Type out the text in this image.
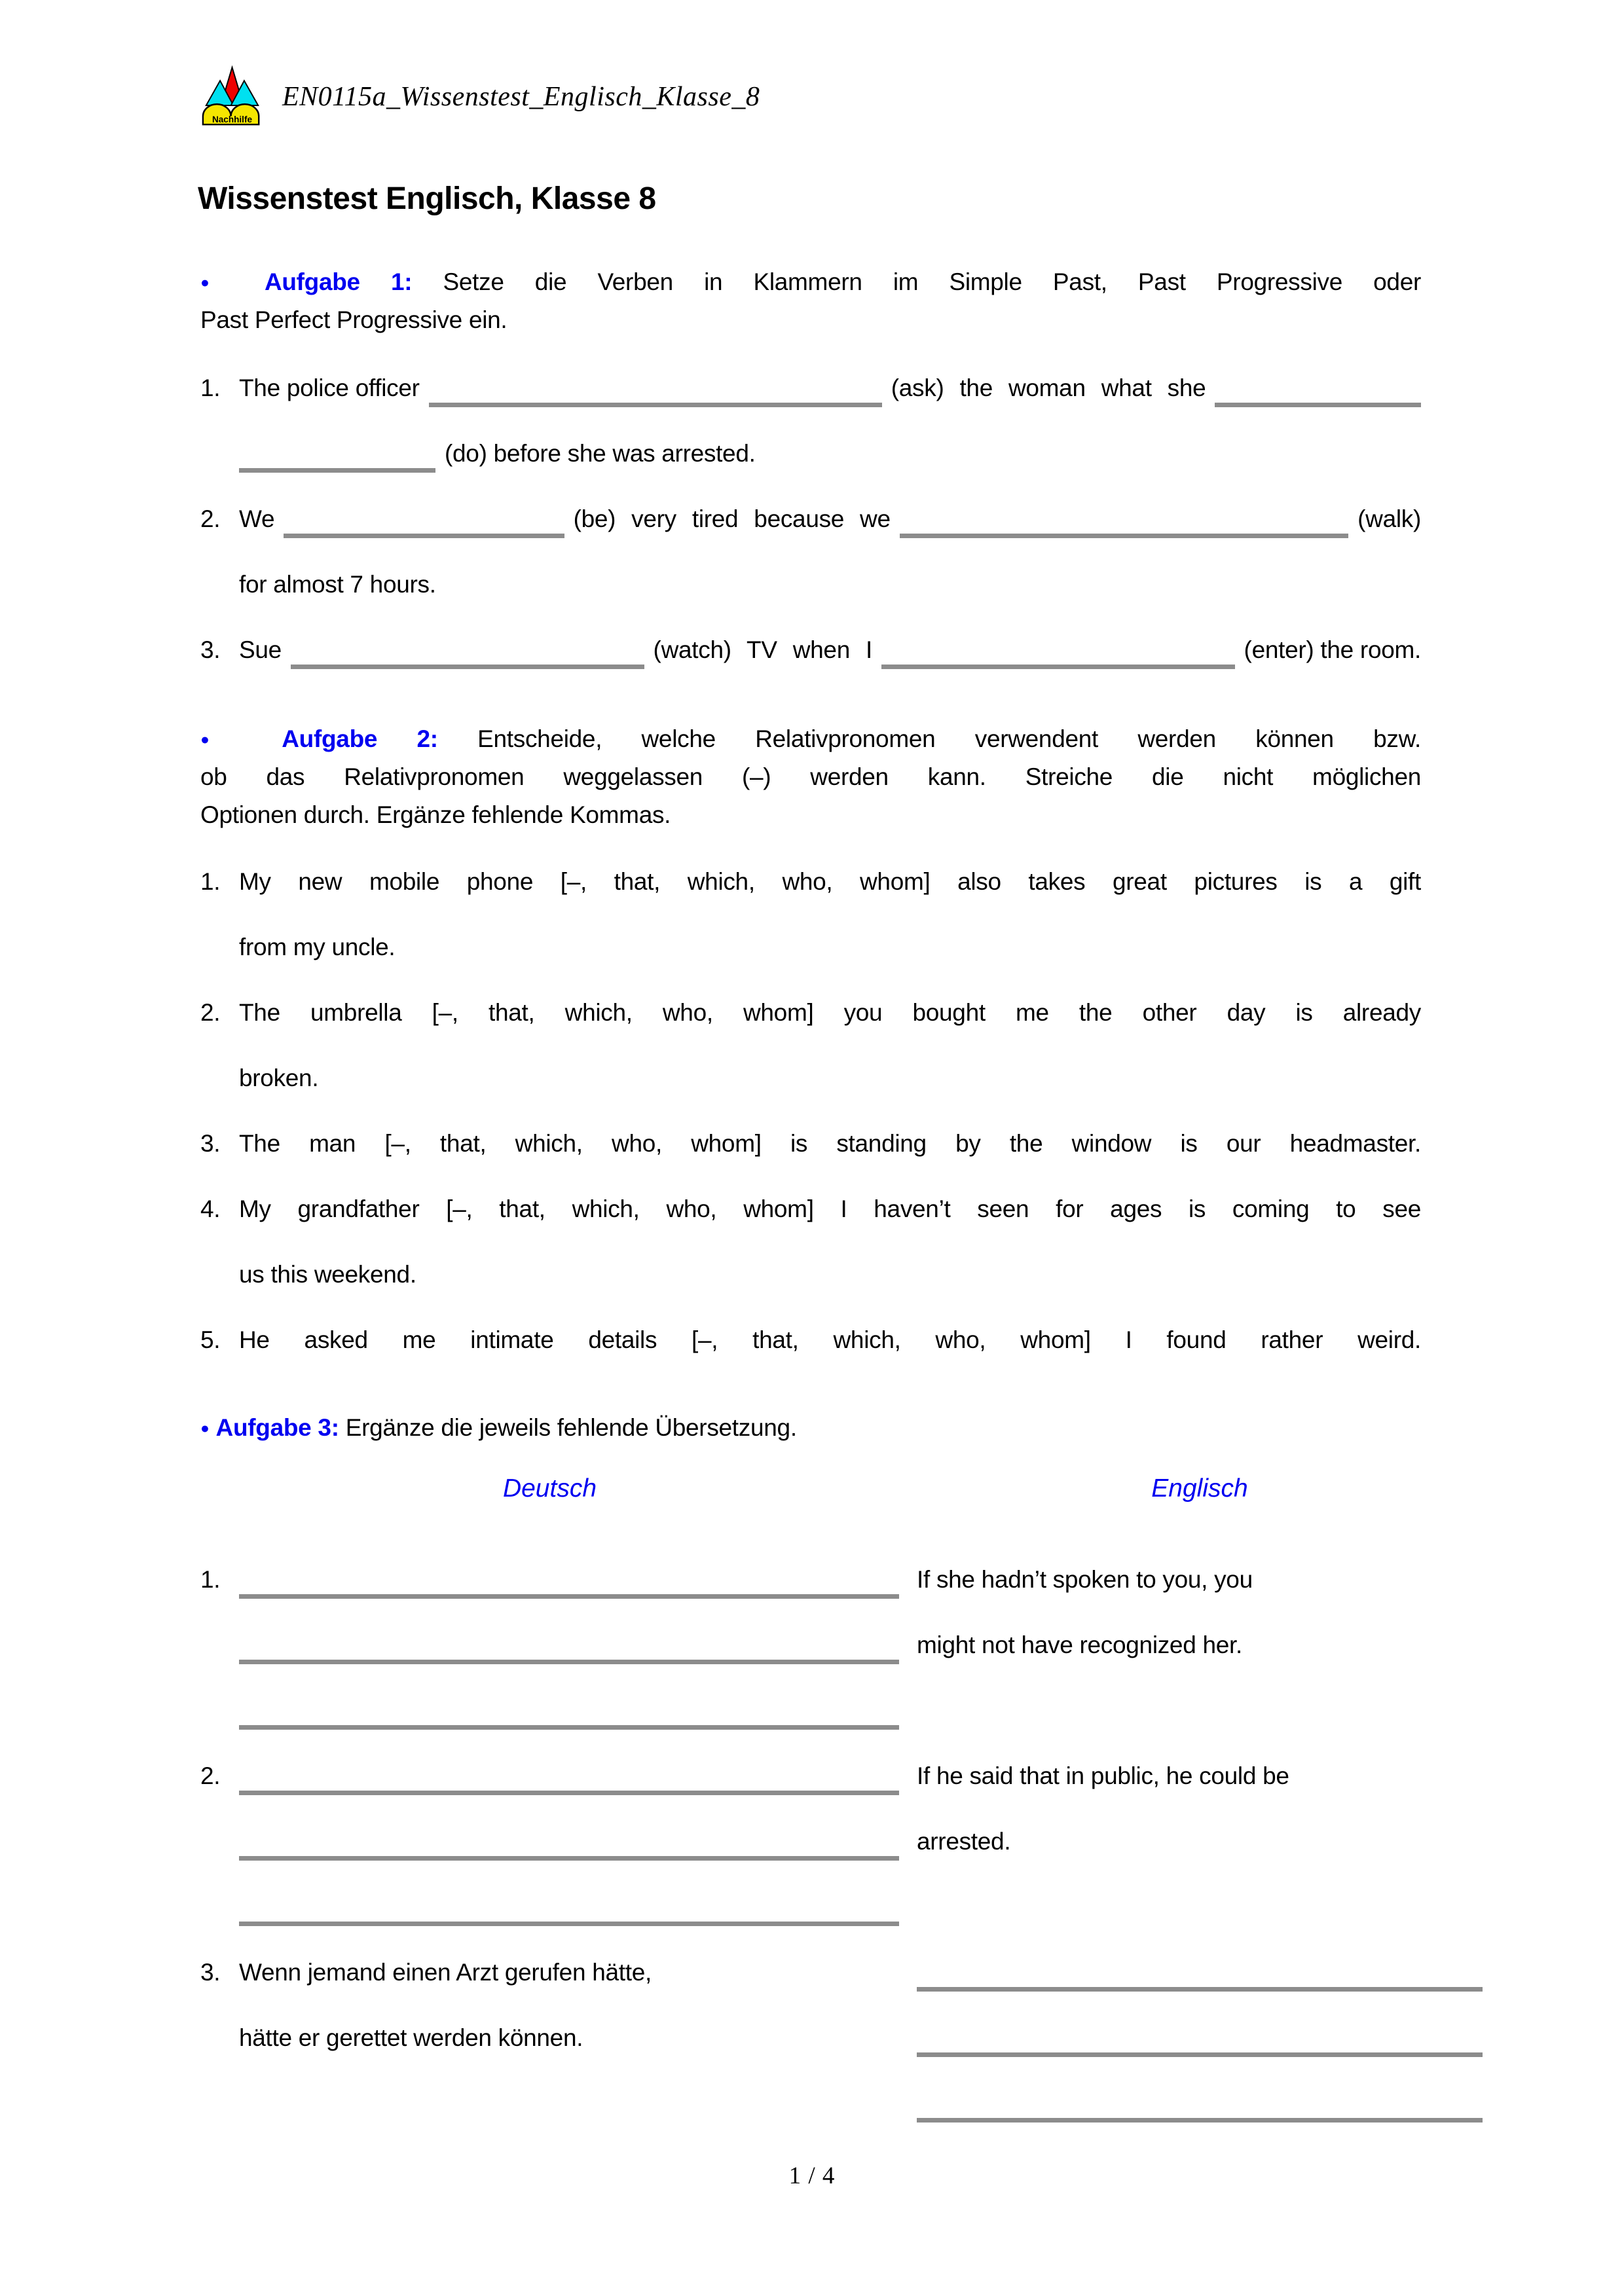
Nachhilfe
EN0115a_Wissenstest_Englisch_Klasse_8
Wissenstest Englisch, Klasse 8
● Aufgabe 1: Setze die Verben in Klammern im Simple Past, Past Progressive oder
Past Perfect Progressive ein.
1. The police officer	(ask) the woman what she
(do) before she was arrested.
2. We	(be) very tired because we	(walk)
for almost 7 hours.
3. Sue	(watch) TV when I	(enter) the room.
● Aufgabe 2: Entscheide, welche Relativpronomen verwendent werden können bzw.
ob das Relativpronomen weggelassen (–) werden kann. Streiche die nicht möglichen
Optionen durch. Ergänze fehlende Kommas.
1. My new mobile phone [–, that, which, who, whom] also takes great pictures is a gift
from my uncle.
2. The umbrella [–, that, which, who, whom] you bought me the other day is already
broken.
3. The man [–, that, which, who, whom] is standing by the window is our headmaster.
4. My grandfather [–, that, which, who, whom] I haven’t seen for ages is coming to see
us this weekend.
5. He asked me intimate details [–, that, which, who, whom] I found rather weird.
● Aufgabe 3: Ergänze die jeweils fehlende Übersetzung.
Deutsch	Englisch
1.	If she hadn’t spoken to you, you
might not have recognized her.
2.	If he said that in public, he could be
arrested.
3. Wenn jemand einen Arzt gerufen hätte,
hätte er gerettet werden können.
1 / 4
